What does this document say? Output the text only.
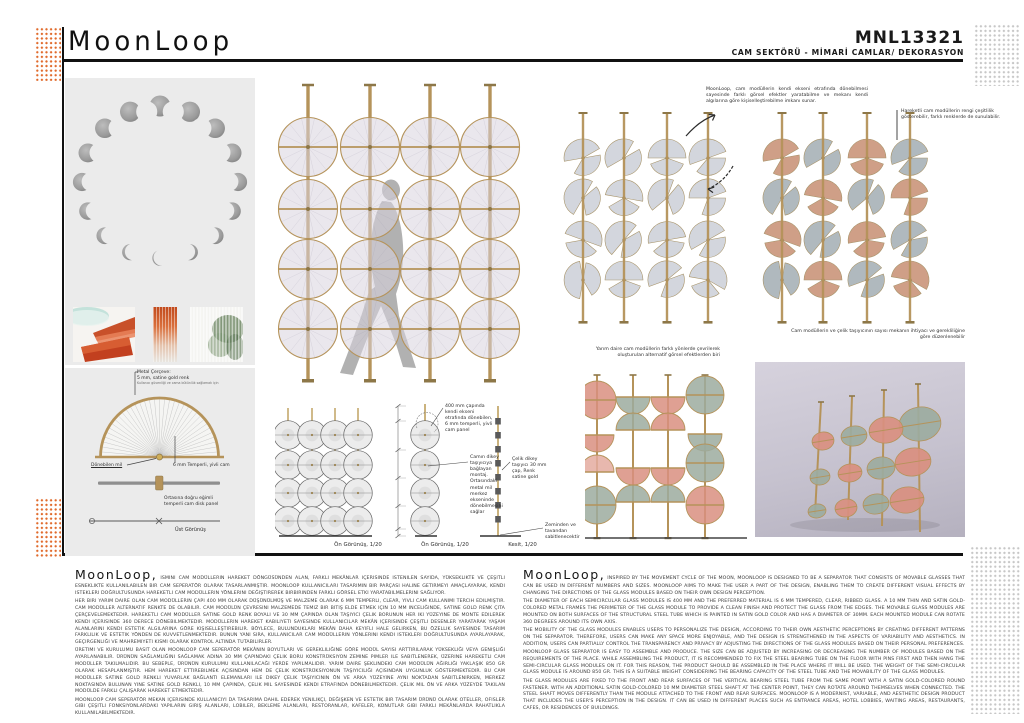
MoonLoop	MNL13321
CAM SEKTÖRÜ - MİMARİ CAMLAR/ DEKORASYON
Metal Çerçeve:
5 mm, satine gold renk
Kullanıcı güvenliği ve cama bütünlük sağlamak için
Dönebilen mil	6 mm Temperli, yivli cam
Ortasına doğru eğimli temperli cam disk panel
Üst Görünüş
MoonLoop, cam modüllerin kendi ekseni etrafında dönebilmesi sayesinde farklı görsel efektler yaratabilme ve mekanı kendi algılarına göre kişiselleştirebilme imkanı sunar.
Hareketli cam modüllerin rengi çeşitlilik gösterebilir, farklı renklerde de sunulabilir.
Cam modüllerin ve çelik taşıyıcının sayısı mekanın ihtiyacı ve gerekliliğine göre düzenlenebilir
Yarım daire cam modüllerin farklı yönlerde çevrilerek oluşturulan alternatif görsel efektlerden biri
400 mm çapında kendi ekseni etrafında dönebilen, 6 mm temperli, yivli cam panel
Camın dikey taşıyıcıya bağlayan montaj. Ortasındaki metal mil merkez ekseninde dönebilmesini sağlar
Çelik dikey taşıyıcı 30 mm çap, Renk satine gold
Zeminden ve tavandan sabitlenecektir
Ön Görünüş, 1/20	Ön Görünüş, 1/20	Kesit, 1/20

MoonLoop, ISMINI CAM MODÜLLERIN HAREKET DÖNGÜSÜNDEN ALAN, FARKLI MEKÂNLAR IÇERISINDE ISTENILEN SAYIDA, YÜKSEKLIKTE VE ÇEŞITLI ESNEKLIKTE KULLANILABILEN BIR CAM SEPERATÖR OLARAK TASARLANMIŞTIR. MOONLOOP KULLANICILARI TASARIMIN BIR PARÇASI HALINE GETIRMEYI AMAÇLAYARAK, KENDI ISTEKLERI DOĞRULTUSUNDA HAREKETLI CAM MODÜLLERIN YÖNLERINI DEĞIŞTIREREK BIRBIRINDEN FARKLI GÖRSEL ETKI YARATABILMELERINI SAĞLIYOR.

HER BIRI YARIM DAIRE OLAN CAM MODÜLLERIN ÇAPI 400 MM OLARAK DÜŞÜNÜLMÜŞ VE MALZEME OLARAK 6 MM TEMPERLI, CLEAR, YIVLI CAM KULLANIMI TERCIH EDILMIŞTIR. CAM MODÜLLER ALTERNATIF RENKTE DE OLABILIR. CAM MODÜLÜN ÇEVRESINI MALZEMEDE TEMIZ BIR BITIŞ ELDE ETMEK IÇIN 10 MM INCELIĞINDE, SATINE GOLD RENK ÇITA ÇERÇEVELEMEKTEDIR. HAREKETLI CAM MODÜLLER SATINE GOLD RENK BOYALI VE 30 MM ÇAPINDA OLAN TAŞIYICI ÇELIK BORUNUN HER IKI YÜZEYINE DE MONTE EDILEREK KENDI IÇERISINDE 360 DERECE DÖNEBILMEKTEDIR. MODÜLLERIN HAREKET KABILIYETI SAYESINDE KULLANICILAR MEKÂN IÇERISINDE ÇEŞITLI DESENLER YARATARAK YAŞAM ALANLARINI KENDI ESTETIK ALGILARINA GÖRE KIŞISELLEŞTIREBILIR. BÖYLECE, BULUNDUKLARI MEKÂN DAHA KEYIFLI HALE GELIRKEN, BU ÖZELLIK SAYESINDE TASARIM FARKLILIK VE ESTETIK YÖNDEN DE KUVVETLENMEKTEDIR. BUNUN YANI SIRA, KULLANICILAR CAM MODÜLLERIN YÖNLERINI KENDI ISTEKLERI DOĞRULTUSUNDA AYARLAYARAK, GEÇIRGENLIĞI VE MAHREMIYETI KISMI OLARAK KONTROL ALTINDA TUTABILIRLER.

ÜRETIMI VE KURULUMU BASIT OLAN MOONLOOP CAM SEPERATÖR MEKÂNIN BOYUTLARI VE GEREKLILIĞINE GÖRE MODÜL SAYISI ARTTIRILARAK YÜKSEKLIĞI VEYA GENIŞLIĞI AYARLANABILIR. ÜRÜNÜN SAĞLAMLIĞINI SAĞLAMAK ADINA 30 MM ÇAPINDAKI ÇELIK BORU KONSTRÜKSIYON ZEMINE PIMLER ILE SABITLENEREK, ÜZERINE HAREKETLI CAM MODÜLLER TAKILMALIDIR. BU SEBEPLE, ÜRÜNÜN KURULUMU KULLANILACAĞI YERDE YAPILMALIDIR. YARIM DAIRE ŞEKLINDEKI CAM MODÜLÜN AĞIRLIĞI YAKLAŞIK 850 GR OLARAK HESAPLANMIŞTIR. HEM HAREKET ETTIREBILMEK AÇISINDAN HEM DE ÇELIK KONSTRÜKSIYONUN TAŞIYICILIĞI AÇISINDAN UYGUNLUK GÖSTERMEKTEDIR. BU CAM MODÜLLER SATINE GOLD RENKLI YUVARLAK BAĞLANTI ELEMANLARI ILE DIKEY ÇELIK TAŞIYICININ ÖN VE ARKA YÜZEYINE AYNI NOKTADAN SABITLENIRKEN, MERKEZ NOKTASINDA BULUNAN YINE SATINE GOLD RENKLI, 10 MM ÇAPINDA, ÇELIK MIL SAYESINDE KENDI ETRAFINDA DÖNEBILMEKTEDIR. ÇELIK MIL ÖN VE ARKA YÜZEYDE TAKILAN MODÜLDE FARKLI ÇALIŞARAK HAREKET ETMEKTEDIR.

MOONLOOP CAM SEPERATÖR MEKAN IÇERISINDE KULLANICIYI DA TASARIMA DAHIL EDEREK YENILIKÇI, DEĞIŞKEN VE ESTETIK BIR TASARIM ÜRÜNÜ OLARAK OTELLER, OFISLER GIBI ÇEŞITLI FONKSIYONLARDAKI YAPILARIN GIRIŞ ALANLARI, LOBILER, BEKLEME ALANLARI, RESTORANLAR, KAFELER, KONUTLAR GIBI FARKLI MEKÂNLARDA RAHATLIKLA KULLANILABILMEKTEDIR.

MoonLoop, INSPIRED BY THE MOVEMENT CYCLE OF THE MOON, MOONLOOP IS DESIGNED TO BE A SEPARATOR THAT CONSISTS OF MOVABLE GLASSES THAT CAN BE USED IN DIFFERENT NUMBERS AND SIZES. MOONLOOP AIMS TO MAKE THE USER A PART OF THE DESIGN, ENABLING THEM TO CREATE DIFFERENT VISUAL EFFECTS BY CHANGING THE DIRECTIONS OF THE GLASS MODULES BASED ON THEIR OWN DESIGN PERCEPTION.

THE DIAMETER OF EACH SEMICIRCULAR GLASS MODULES IS 400 MM AND THE PREFERRED MATERIAL IS 6 MM TEMPERED, CLEAR, RIBBED GLASS. A 10 MM THIN AND SATIN GOLD-COLORED METAL FRAMES THE PERIMETER OF THE GLASS MODULE TO PROVIDE A CLEAN FINISH AND PROTECT THE GLASS FROM THE EDGES. THE MOVABLE GLASS MODULES ARE MOUNTED ON BOTH SURFACES OF THE STRUCTURAL STEEL TUBE WHICH IS PAINTED IN SATIN GOLD COLOR AND HAS A DIAMETER OF 30MM. EACH MOUNTED MODULE CAN ROTATE 360 DEGREES AROUND ITS OWN AXIS.

THE MOBILITY OF THE GLASS MODULES ENABLES USERS TO PERSONALIZE THE DESIGN, ACCORDING TO THEIR OWN AESTHETIC PERCEPTIONS BY CREATING DIFFERENT PATTERNS ON THE SEPARATOR. THEREFORE, USERS CAN MAKE ANY SPACE MORE ENJOYABLE, AND THE DESIGN IS STRENGTHENED IN THE ASPECTS OF VARIABILITY AND AESTHETICS. IN ADDITION, USERS CAN PARTIALLY CONTROL THE TRANSPARENCY AND PRIVACY BY ADJUSTING THE DIRECTIONS OF THE GLASS MODULES BASED ON THEIR PERSONAL PREFERENCES.

MOONLOOP GLASS SEPARATOR IS EASY TO ASSEMBLE AND PRODUCE. THE SIZE CAN BE ADJUSTED BY INCREASING OR DECREASING THE NUMBER OF MODULES BASED ON THE REQUIREMENTS OF THE PLACE. WHILE ASSEMBLING THE PRODUCT, IT IS RECOMMENDED TO FIX THE STEEL BEARING TUBE ON THE FLOOR WITH PINS FIRST AND THEN HANG THE SEMI-CIRCULAR GLASS MODULES ON IT. FOR THIS REASON, THE PRODUCT SHOULD BE ASSEMBLED IN THE PLACE WHERE IT WILL BE USED. THE WEIGHT OF THE SEMI-CIRCULAR GLASS MODULE IS AROUND 850 GR. THIS IS A SUITABLE WEIGHT CONSIDERING THE BEARING CAPACITY OF THE STEEL TUBE AND THE MOVABILITY OF THE GLASS MODULES.

THE GLASS MODULES ARE FIXED TO THE FRONT AND REAR SURFACES OF THE VERTICAL BEARING STEEL TUBE FROM THE SAME POINT WITH A SATIN GOLD-COLORED ROUND FASTENER. WITH AN ADDITIONAL SATIN GOLD-COLORED 10 MM DIAMETER STEEL SHAFT AT THE CENTER POINT, THEY CAN ROTATE AROUND THEMSELVES WHEN CONNECTED. THE STEEL SHAFT MOVES DIFFERENTLY THAN THE MODULE ATTACHED TO THE FRONT AND REAR SURFACES. MOONLOOP IS A MODERNIST, VARIABLE, AND AESTHETIC DESIGN PRODUCT THAT INCLUDES THE USER'S PERCEPTION IN THE DESIGN. IT CAN BE USED IN DIFFERENT PLACES SUCH AS ENTRANCE AREAS, HOTEL LOBBIES, WAITING AREAS, RESTAURANTS, CAFES, OR RESIDENCES OF BUILDINGS.
